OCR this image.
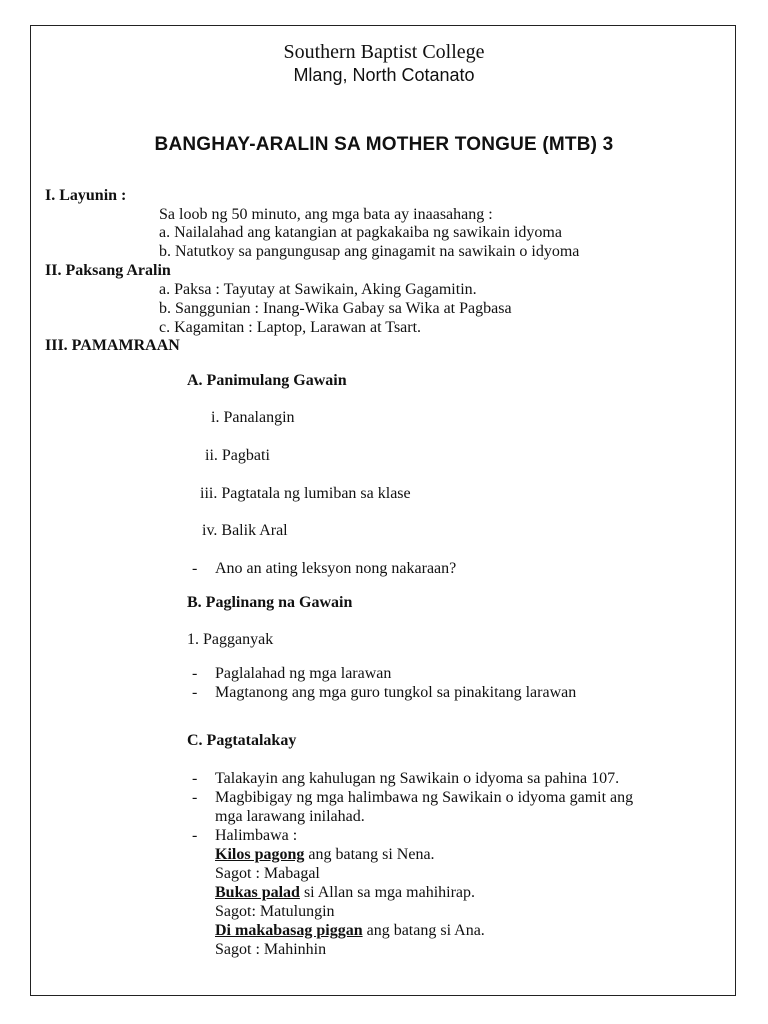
Southern Baptist College
Mlang, North Cotanato
BANGHAY-ARALIN SA MOTHER TONGUE (MTB) 3
I. Layunin :
Sa loob ng 50 minuto, ang mga bata ay inaasahang :
a. Nailalahad ang katangian at pagkakaiba ng sawikain idyoma
b. Natutkoy sa pangungusap ang ginagamit na sawikain o idyoma
II. Paksang Aralin
a. Paksa : Tayutay at Sawikain, Aking Gagamitin.
b. Sanggunian : Inang-Wika Gabay sa Wika at Pagbasa
c. Kagamitan : Laptop, Larawan at Tsart.
III. PAMAMRAAN
A. Panimulang Gawain
i. Panalangin
ii. Pagbati
iii. Pagtatala ng lumiban sa klase
iv. Balik Aral
- Ano an ating leksyon nong nakaraan?
B. Paglinang na Gawain
1. Pagganyak
- Paglalahad ng mga larawan
- Magtanong ang mga guro tungkol sa pinakitang larawan
C. Pagtatalakay
- Talakayin ang kahulugan ng Sawikain o idyoma sa pahina 107.
- Magbibigay ng mga halimbawa ng Sawikain o idyoma gamit ang
mga larawang inilahad.
- Halimbawa :
Kilos pagong ang batang si Nena.
Sagot : Mabagal
Bukas palad si Allan sa mga mahihirap.
Sagot: Matulungin
Di makabasag piggan ang batang si Ana.
Sagot : Mahinhin
